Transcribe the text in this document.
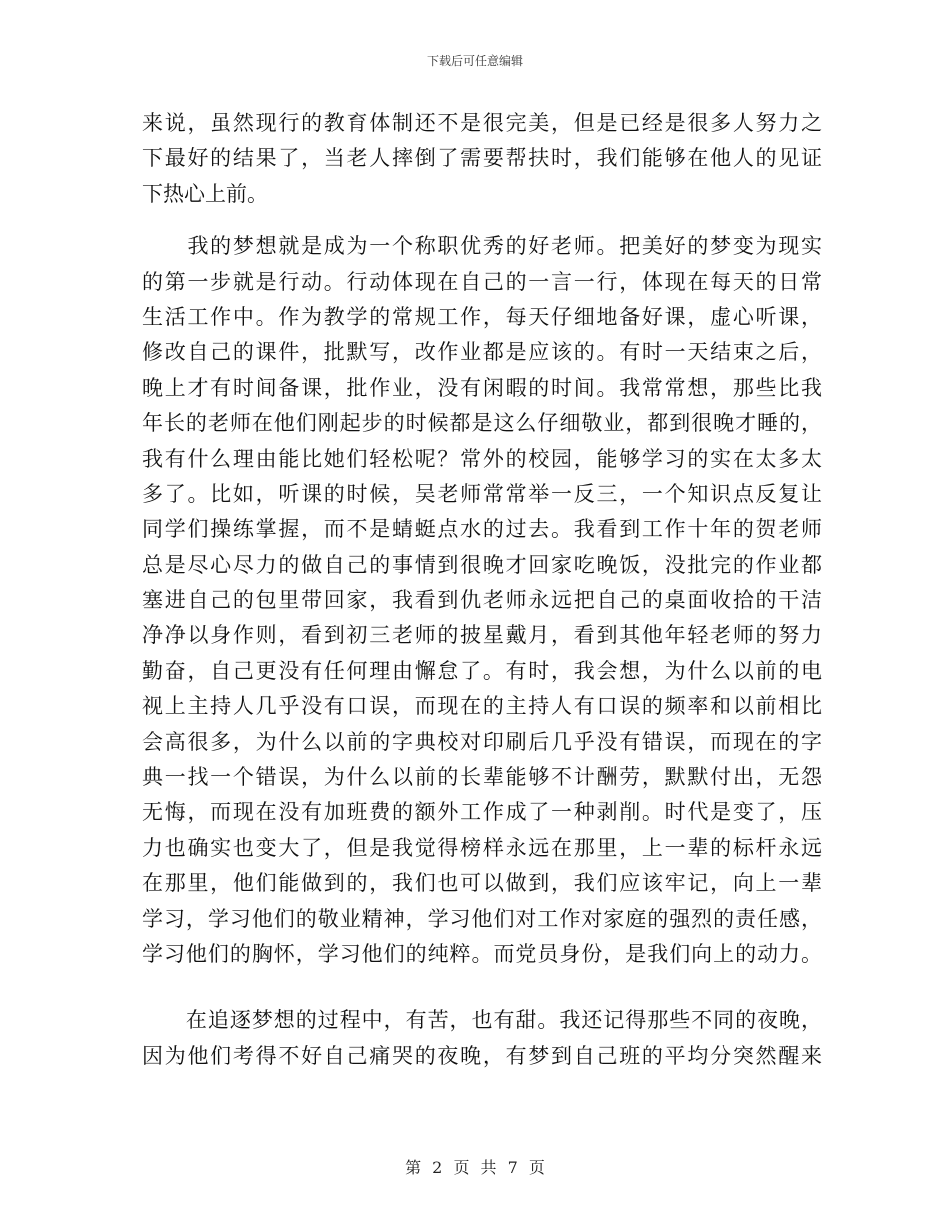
下载后可任意编辑
来说，虽然现行的教育体制还不是很完美，但是已经是很多人努力之
下最好的结果了，当老人摔倒了需要帮扶时，我们能够在他人的见证
下热心上前。
　　我的梦想就是成为一个称职优秀的好老师。把美好的梦变为现实
的第一步就是行动。行动体现在自己的一言一行，体现在每天的日常
生活工作中。作为教学的常规工作，每天仔细地备好课，虚心听课，
修改自己的课件，批默写，改作业都是应该的。有时一天结束之后，
晚上才有时间备课，批作业，没有闲暇的时间。我常常想，那些比我
年长的老师在他们刚起步的时候都是这么仔细敬业，都到很晚才睡的，
我有什么理由能比她们轻松呢？常外的校园，能够学习的实在太多太
多了。比如，听课的时候，吴老师常常举一反三，一个知识点反复让
同学们操练掌握，而不是蜻蜓点水的过去。我看到工作十年的贺老师
总是尽心尽力的做自己的事情到很晚才回家吃晚饭，没批完的作业都
塞进自己的包里带回家，我看到仇老师永远把自己的桌面收拾的干洁
净净以身作则，看到初三老师的披星戴月，看到其他年轻老师的努力
勤奋，自己更没有任何理由懈怠了。有时，我会想，为什么以前的电
视上主持人几乎没有口误，而现在的主持人有口误的频率和以前相比
会高很多，为什么以前的字典校对印刷后几乎没有错误，而现在的字
典一找一个错误，为什么以前的长辈能够不计酬劳，默默付出，无怨
无悔，而现在没有加班费的额外工作成了一种剥削。时代是变了，压
力也确实也变大了，但是我觉得榜样永远在那里，上一辈的标杆永远
在那里，他们能做到的，我们也可以做到，我们应该牢记，向上一辈
学习，学习他们的敬业精神，学习他们对工作对家庭的强烈的责任感，
学习他们的胸怀，学习他们的纯粹。而党员身份，是我们向上的动力。
　　在追逐梦想的过程中，有苦，也有甜。我还记得那些不同的夜晚，
因为他们考得不好自己痛哭的夜晚，有梦到自己班的平均分突然醒来
第 2 页 共 7 页
